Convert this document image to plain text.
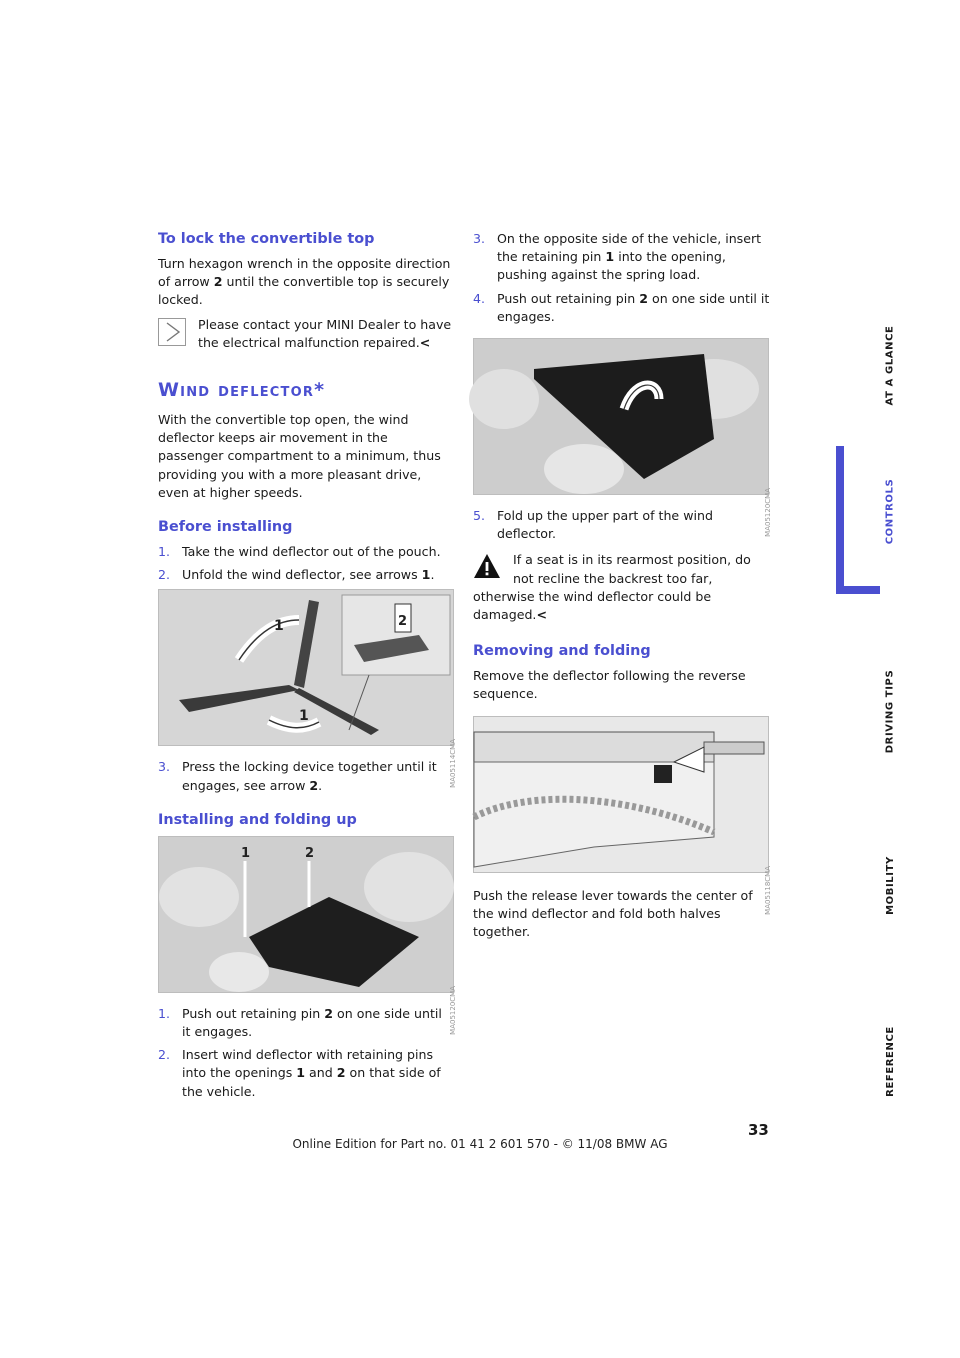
To lock the convertible top

Turn hexagon wrench in the opposite direction of arrow 2 until the convertible top is securely locked.

Please contact your MINI Dealer to have the electrical malfunction repaired.<
Wind deflector*

With the convertible top open, the wind deflector keeps air movement in the passenger compartment to a minimum, thus providing you with a more pleasant drive, even at higher speeds.

Before installing
1. Take the wind deflector out of the pouch.
2. Unfold the wind deflector, see arrows 1.
1
1
2
MA05114CMA
3. Press the locking device together until it engages, see arrow 2.
Installing and folding up
1	2
MA05120CMA
1. Push out retaining pin 2 on one side until it engages.
2. Insert wind deflector with retaining pins into the openings 1 and 2 on that side of the vehicle.
3. On the opposite side of the vehicle, insert the retaining pin 1 into the opening, pushing against the spring load.
4. Push out retaining pin 2 on one side until it engages.
MA05120CMA
5. Fold up the upper part of the wind deflector.
If a seat is in its rearmost position, do not recline the backrest too far, otherwise the wind deflector could be damaged.<
Removing and folding

Remove the deflector following the reverse sequence.

MA05118CMA

Push the release lever towards the center of the wind deflector and fold both halves together.

AT A GLANCE
CONTROLS
DRIVING TIPS
MOBILITY
REFERENCE
33
Online Edition for Part no. 01 41 2 601 570 - © 11/08 BMW AG
